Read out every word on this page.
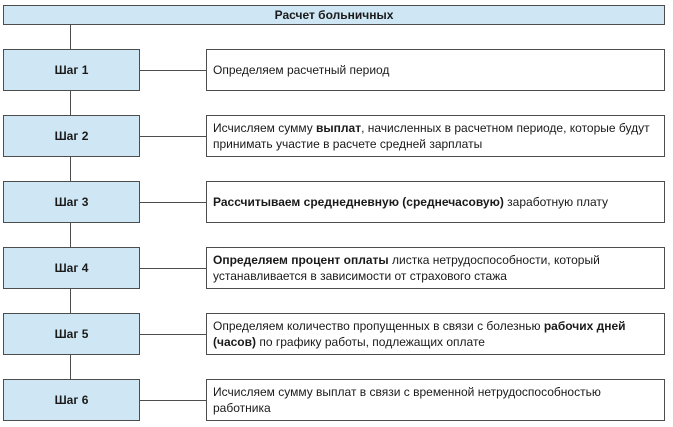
Расчет больничных
Шаг 1	Определяем расчетный период
Шаг 2
Исчисляем сумму выплат, начисленных в расчетном периоде, которые будут принимать участие в расчете средней зарплаты
Шаг 3	Рассчитываем среднедневную (среднечасовую) заработную плату
Шаг 4
Определяем процент оплаты листка нетрудоспособности, который устанавливается в зависимости от страхового стажа
Шаг 5
Определяем количество пропущенных в связи с болезнью рабочих дней (часов) по графику работы, подлежащих оплате
Шаг 6
Исчисляем сумму выплат в связи с временной нетрудоспособностью работника
